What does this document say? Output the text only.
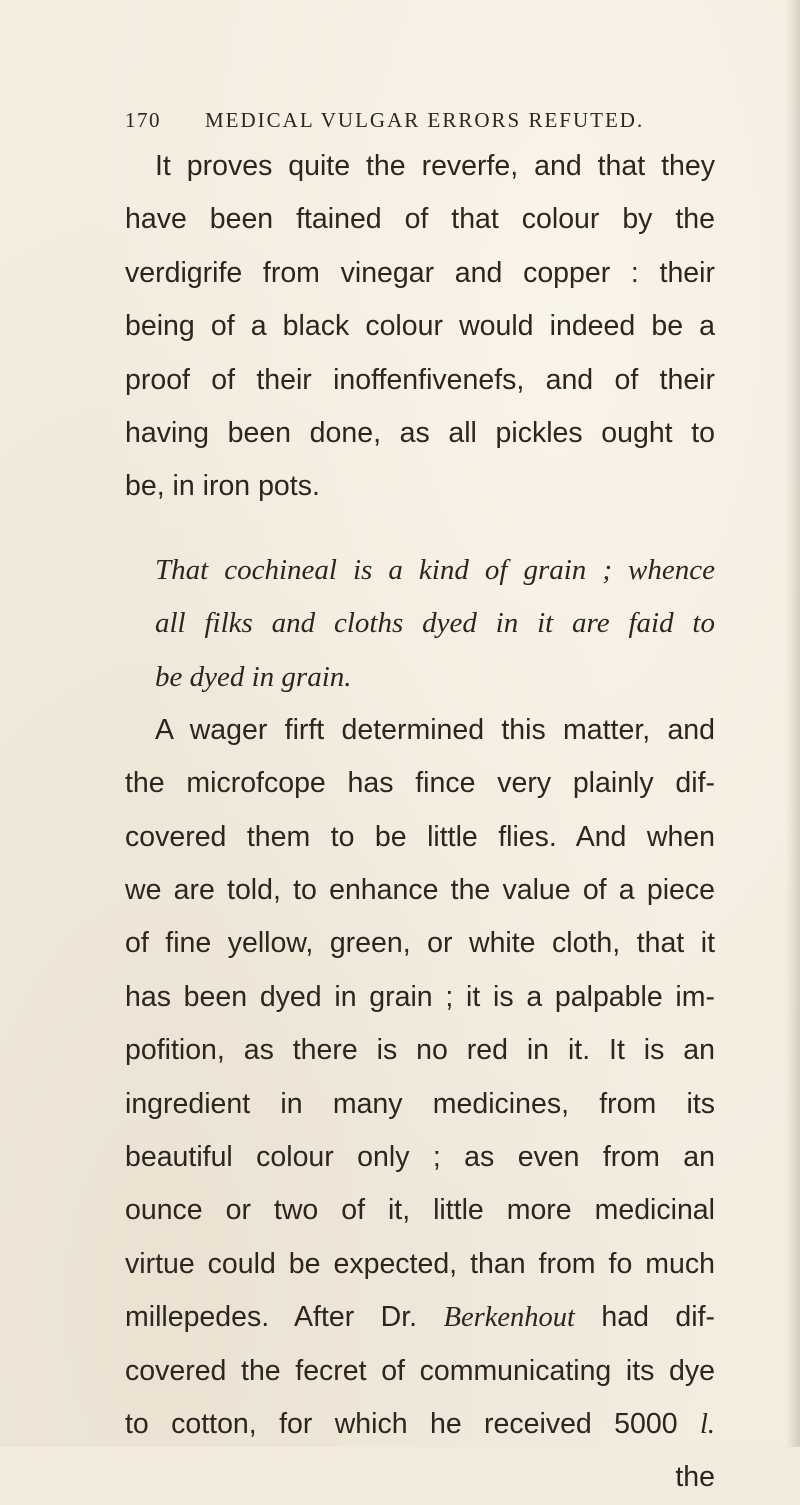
170 MEDICAL VULGAR ERRORS REFUTED.
It proves quite the reverfe, and that they
have been ftained of that colour by the
verdigrife from vinegar and copper : their
being of a black colour would indeed be a
proof of their inoffenfivenefs, and of their
having been done, as all pickles ought to
be, in iron pots.
That cochineal is a kind of grain ; whence
all filks and cloths dyed in it are faid to
be dyed in grain.
A wager firft determined this matter, and
the microfcope has fince very plainly dif-
covered them to be little flies. And when
we are told, to enhance the value of a piece
of fine yellow, green, or white cloth, that it
has been dyed in grain ; it is a palpable im-
pofition, as there is no red in it. It is an
ingredient in many medicines, from its
beautiful colour only ; as even from an
ounce or two of it, little more medicinal
virtue could be expected, than from fo much
millepedes. After Dr. Berkenhout had dif-
covered the fecret of communicating its dye
to cotton, for which he received 5000 l.
the
